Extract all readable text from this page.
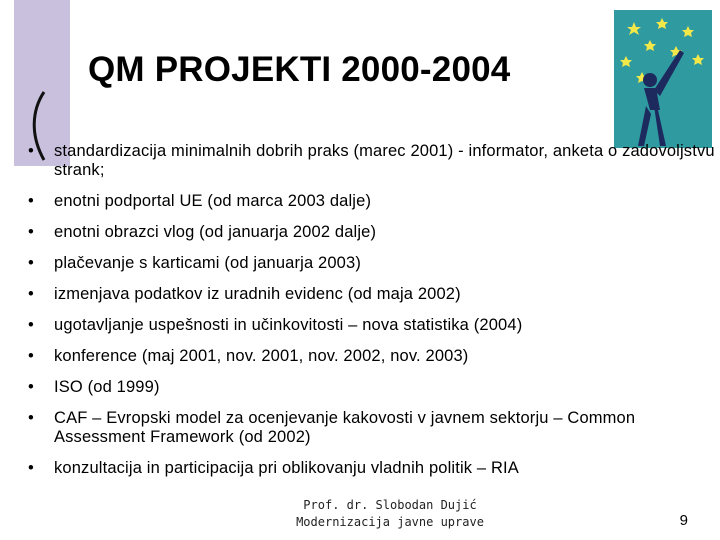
QM PROJEKTI 2000-2004
• standardizacija minimalnih dobrih praks (marec 2001) - informator, anketa o zadovoljstvu strank;
• enotni podportal UE (od marca 2003 dalje)
• enotni obrazci vlog (od januarja 2002 dalje)
• plačevanje s karticami (od januarja 2003)
• izmenjava podatkov iz uradnih evidenc (od maja 2002)
• ugotavljanje uspešnosti in učinkovitosti – nova statistika (2004)
• konference (maj 2001, nov. 2001, nov. 2002, nov. 2003)
• ISO (od 1999)
• CAF – Evropski model za ocenjevanje kakovosti v javnem sektorju – Common Assessment Framework (od 2002)
• konzultacija in participacija pri oblikovanju vladnih politik – RIA
Prof. dr. Slobodan Dujić
Modernizacija javne uprave	9
